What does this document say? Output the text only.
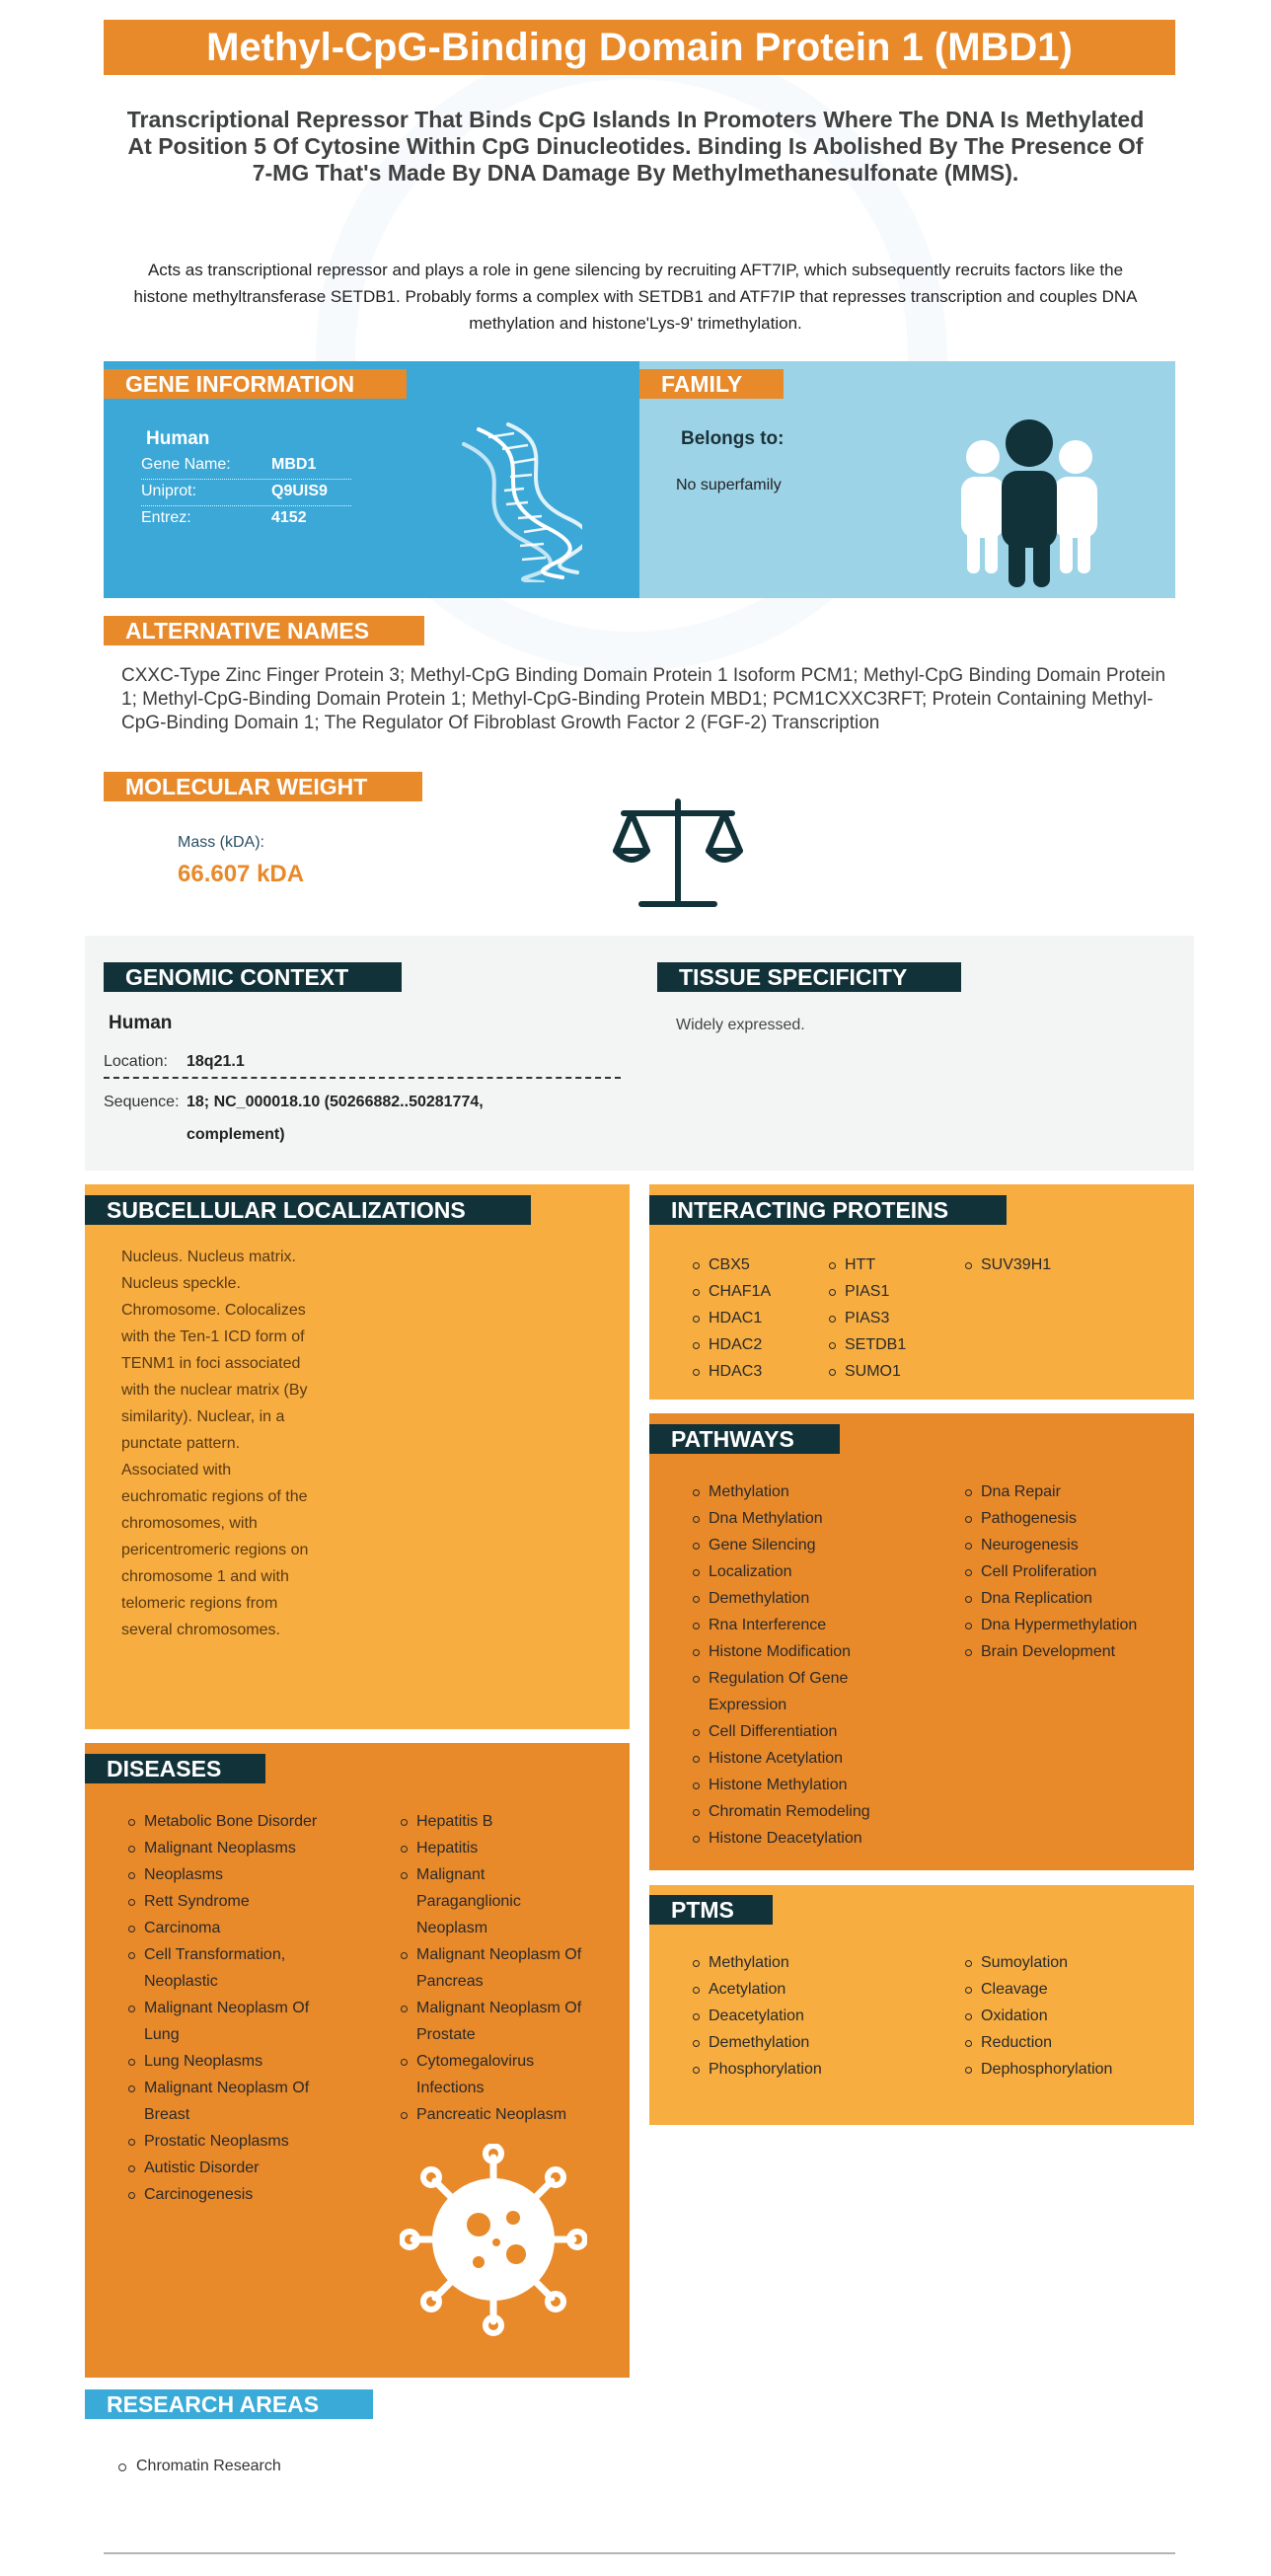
Methyl-CpG-Binding Domain Protein 1 (MBD1)
Transcriptional Repressor That Binds CpG Islands In Promoters Where The DNA Is Methylated At Position 5 Of Cytosine Within CpG Dinucleotides. Binding Is Abolished By The Presence Of 7-MG That's Made By DNA Damage By Methylmethanesulfonate (MMS).
Acts as transcriptional repressor and plays a role in gene silencing by recruiting AFT7IP, which subsequently recruits factors like the histone methyltransferase SETDB1. Probably forms a complex with SETDB1 and ATF7IP that represses transcription and couples DNA methylation and histone'Lys-9' trimethylation.
GENE INFORMATION
Human
Gene Name:	MBD1
Uniprot:	Q9UIS9
Entrez:	4152
FAMILY
Belongs to:
No superfamily
ALTERNATIVE NAMES
CXXC-Type Zinc Finger Protein 3; Methyl-CpG Binding Domain Protein 1 Isoform PCM1; Methyl-CpG Binding Domain Protein 1; Methyl-CpG-Binding Domain Protein 1; Methyl-CpG-Binding Protein MBD1; PCM1CXXC3RFT; Protein Containing Methyl-CpG-Binding Domain 1; The Regulator Of Fibroblast Growth Factor 2 (FGF-2) Transcription
MOLECULAR WEIGHT
Mass (kDA):
66.607 kDA
GENOMIC CONTEXT
Human
Location: 18q21.1
Sequence: 18; NC_000018.10 (50266882..50281774,
complement)
TISSUE SPECIFICITY
Widely expressed.
SUBCELLULAR LOCALIZATIONS
Nucleus. Nucleus matrix. Nucleus speckle. Chromosome. Colocalizes with the Ten-1 ICD form of TENM1 in foci associated with the nuclear matrix (By similarity). Nuclear, in a punctate pattern. Associated with euchromatic regions of the chromosomes, with pericentromeric regions on chromosome 1 and with telomeric regions from several chromosomes.
INTERACTING PROTEINS
CBX5
CHAF1A
HDAC1
HDAC2
HDAC3
HTT
PIAS1
PIAS3
SETDB1
SUMO1
SUV39H1
PATHWAYS
Methylation
Dna Methylation
Gene Silencing
Localization
Demethylation
Rna Interference
Histone Modification
Regulation Of Gene Expression
Cell Differentiation
Histone Acetylation
Histone Methylation
Chromatin Remodeling
Histone Deacetylation
Dna Repair
Pathogenesis
Neurogenesis
Cell Proliferation
Dna Replication
Dna Hypermethylation
Brain Development
PTMS
Methylation
Acetylation
Deacetylation
Demethylation
Phosphorylation
Sumoylation
Cleavage
Oxidation
Reduction
Dephosphorylation
DISEASES
Metabolic Bone Disorder
Malignant Neoplasms
Neoplasms
Rett Syndrome
Carcinoma
Cell Transformation, Neoplastic
Malignant Neoplasm Of Lung
Lung Neoplasms
Malignant Neoplasm Of Breast
Prostatic Neoplasms
Autistic Disorder
Carcinogenesis
Hepatitis B
Hepatitis
Malignant Paraganglionic Neoplasm
Malignant Neoplasm Of Pancreas
Malignant Neoplasm Of Prostate
Cytomegalovirus Infections
Pancreatic Neoplasm
RESEARCH AREAS
Chromatin Research
